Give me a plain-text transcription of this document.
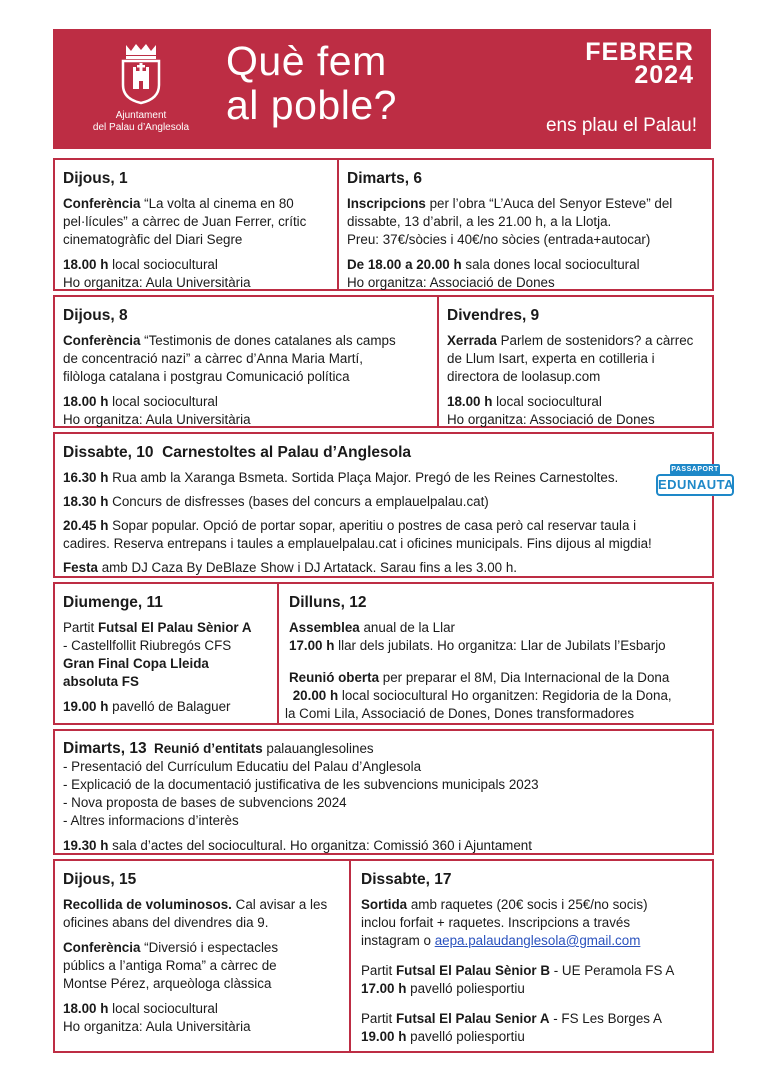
Ajuntament
del Palau d’Anglesola
Què fem
al poble?
FEBRER
2024
ens plau el Palau!
Dijous, 1
Conferència “La volta al cinema en 80
pel·lícules” a càrrec de Juan Ferrer, crític
cinematogràfic del Diari Segre
18.00 h local sociocultural
Ho organitza: Aula Universitària
Dimarts, 6
Inscripcions per l’obra “L’Auca del Senyor Esteve” del
dissabte, 13 d’abril, a les 21.00 h, a la Llotja.
Preu: 37€/sòcies i 40€/no sòcies (entrada+autocar)
De 18.00 a 20.00 h sala dones local sociocultural
Ho organitza: Associació de Dones
Dijous, 8
Conferència “Testimonis de dones catalanes als camps
de concentració nazi” a càrrec d’Anna Maria Martí,
filòloga catalana i postgrau Comunicació política
18.00 h local sociocultural
Ho organitza: Aula Universitària
Divendres, 9
Xerrada Parlem de sostenidors? a càrrec
de Llum Isart, experta en cotilleria i
directora de loolasup.com
18.00 h local sociocultural
Ho organitza: Associació de Dones
Dissabte, 10 Carnestoltes al Palau d’Anglesola
16.30 h Rua amb la Xaranga Bsmeta. Sortida Plaça Major. Pregó de les Reines Carnestoltes.
18.30 h Concurs de disfresses (bases del concurs a emplauelpalau.cat)
20.45 h Sopar popular. Opció de portar sopar, aperitiu o postres de casa però cal reservar taula i
cadires. Reserva entrepans i taules a emplauelpalau.cat i oficines municipals. Fins dijous al migdia!
Festa amb DJ Caza By DeBlaze Show i DJ Artatack. Sarau fins a les 3.00 h.
PASSAPORT
EDUNAUTA
Diumenge, 11
Partit Futsal El Palau Sènior A
- Castellfollit Riubregós CFS
Gran Final Copa Lleida
absoluta FS
19.00 h pavelló de Balaguer
Dilluns, 12
Assemblea anual de la Llar
17.00 h llar dels jubilats. Ho organitza: Llar de Jubilats l’Esbarjo
Reunió oberta per preparar el 8M, Dia Internacional de la Dona
20.00 h local sociocultural Ho organitzen: Regidoria de la Dona,
la Comi Lila, Associació de Dones, Dones transformadores
Dimarts, 13 Reunió d’entitats palauanglesolines
- Presentació del Currículum Educatiu del Palau d’Anglesola
- Explicació de la documentació justificativa de les subvencions municipals 2023
- Nova proposta de bases de subvencions 2024
- Altres informacions d’interès
19.30 h sala d’actes del sociocultural. Ho organitza: Comissió 360 i Ajuntament
Dijous, 15
Recollida de voluminosos. Cal avisar a les
oficines abans del divendres dia 9.
Conferència “Diversió i espectacles
públics a l’antiga Roma” a càrrec de
Montse Pérez, arqueòloga clàssica
18.00 h local sociocultural
Ho organitza: Aula Universitària
Dissabte, 17
Sortida amb raquetes (20€ socis i 25€/no socis)
inclou forfait + raquetes. Inscripcions a través
instagram o aepa.palaudanglesola@gmail.com
Partit Futsal El Palau Sènior B - UE Peramola FS A
17.00 h pavelló poliesportiu
Partit Futsal El Palau Senior A - FS Les Borges A
19.00 h pavelló poliesportiu
